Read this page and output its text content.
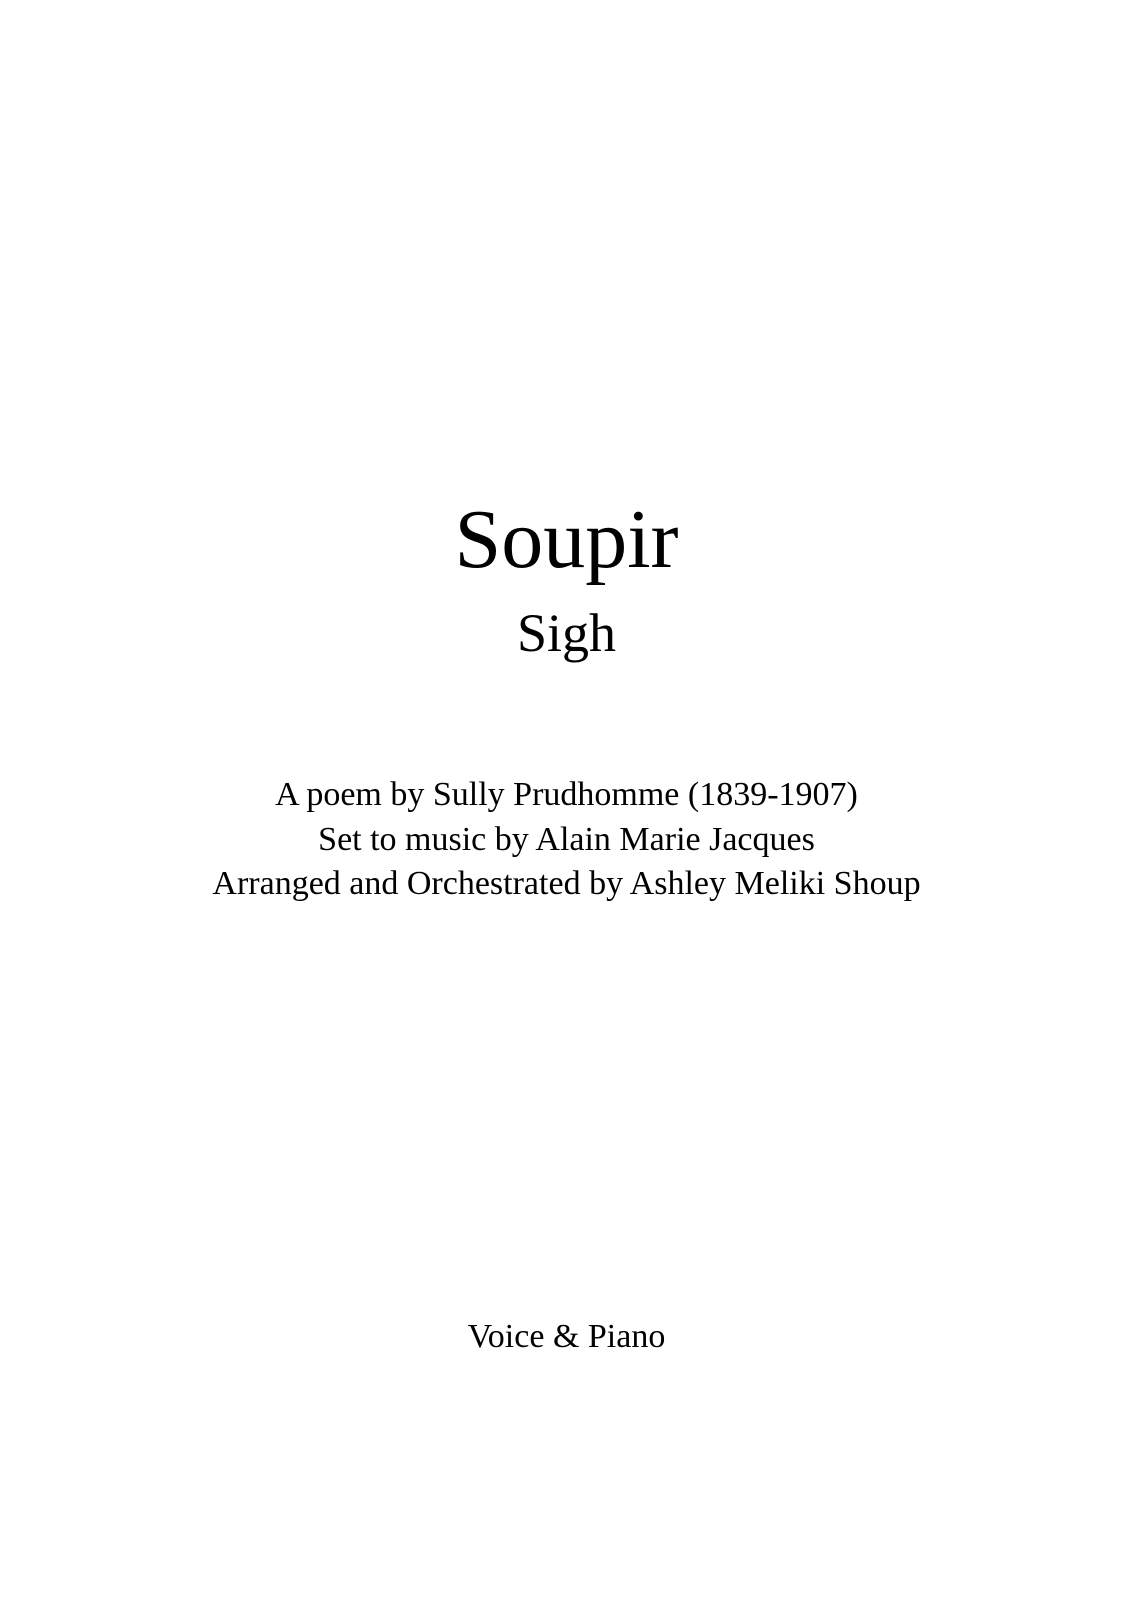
Soupir
Sigh
A poem by Sully Prudhomme (1839-1907)
Set to music by Alain Marie Jacques
Arranged and Orchestrated by Ashley Meliki Shoup
Voice & Piano
